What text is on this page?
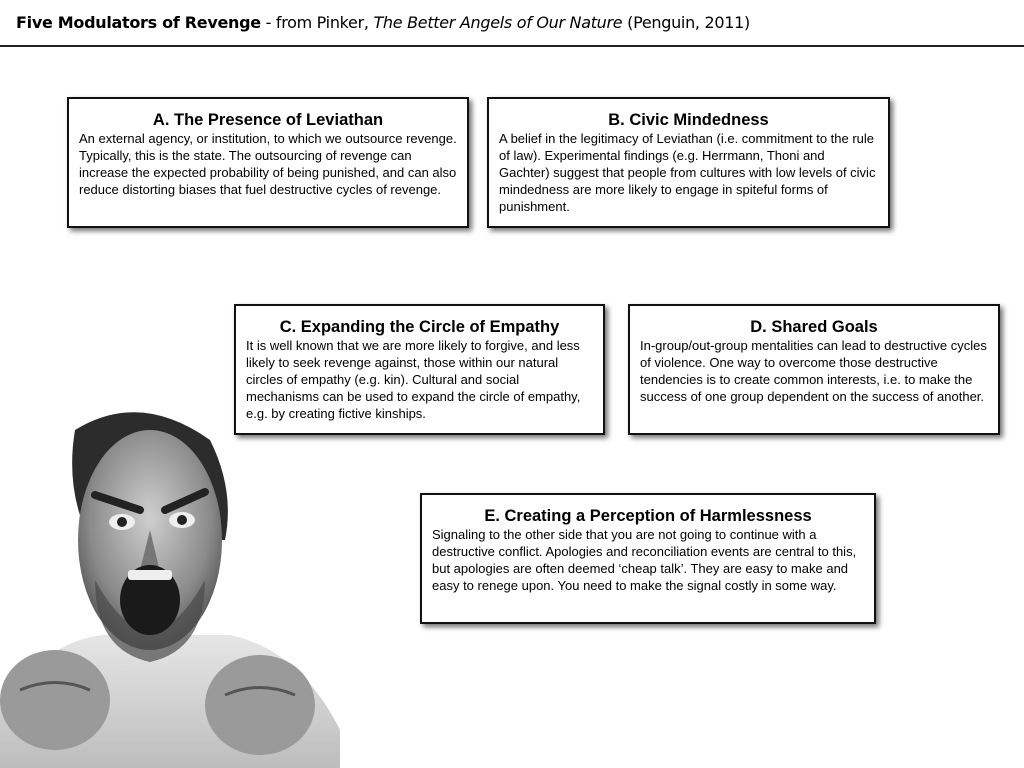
Five Modulators of Revenge - from Pinker, The Better Angels of Our Nature (Penguin, 2011)
A. The Presence of Leviathan

An external agency, or institution, to which we outsource revenge. Typically, this is the state. The outsourcing of revenge can increase the expected probability of being punished, and can also reduce distorting biases that fuel destructive cycles of revenge.

B. Civic Mindedness

A belief in the legitimacy of Leviathan (i.e. commitment to the rule of law). Experimental findings (e.g. Herrmann, Thoni and Gachter) suggest that people from cultures with low levels of civic mindedness are more likely to engage in spiteful forms of punishment.

C. Expanding the Circle of Empathy

It is well known that we are more likely to forgive, and less likely to seek revenge against, those within our natural circles of empathy (e.g. kin). Cultural and social mechanisms can be used to expand the circle of empathy, e.g. by creating fictive kinships.

D. Shared Goals

In-group/out-group mentalities can lead to destructive cycles of violence. One way to overcome those destructive tendencies is to create common interests, i.e. to make the success of one group dependent on the success of another.

E. Creating a Perception of Harmlessness

Signaling to the other side that you are not going to continue with a destructive conflict. Apologies and reconciliation events are central to this, but apologies are often deemed ‘cheap talk’. They are easy to make and easy to renege upon. You need to make the signal costly in some way.
